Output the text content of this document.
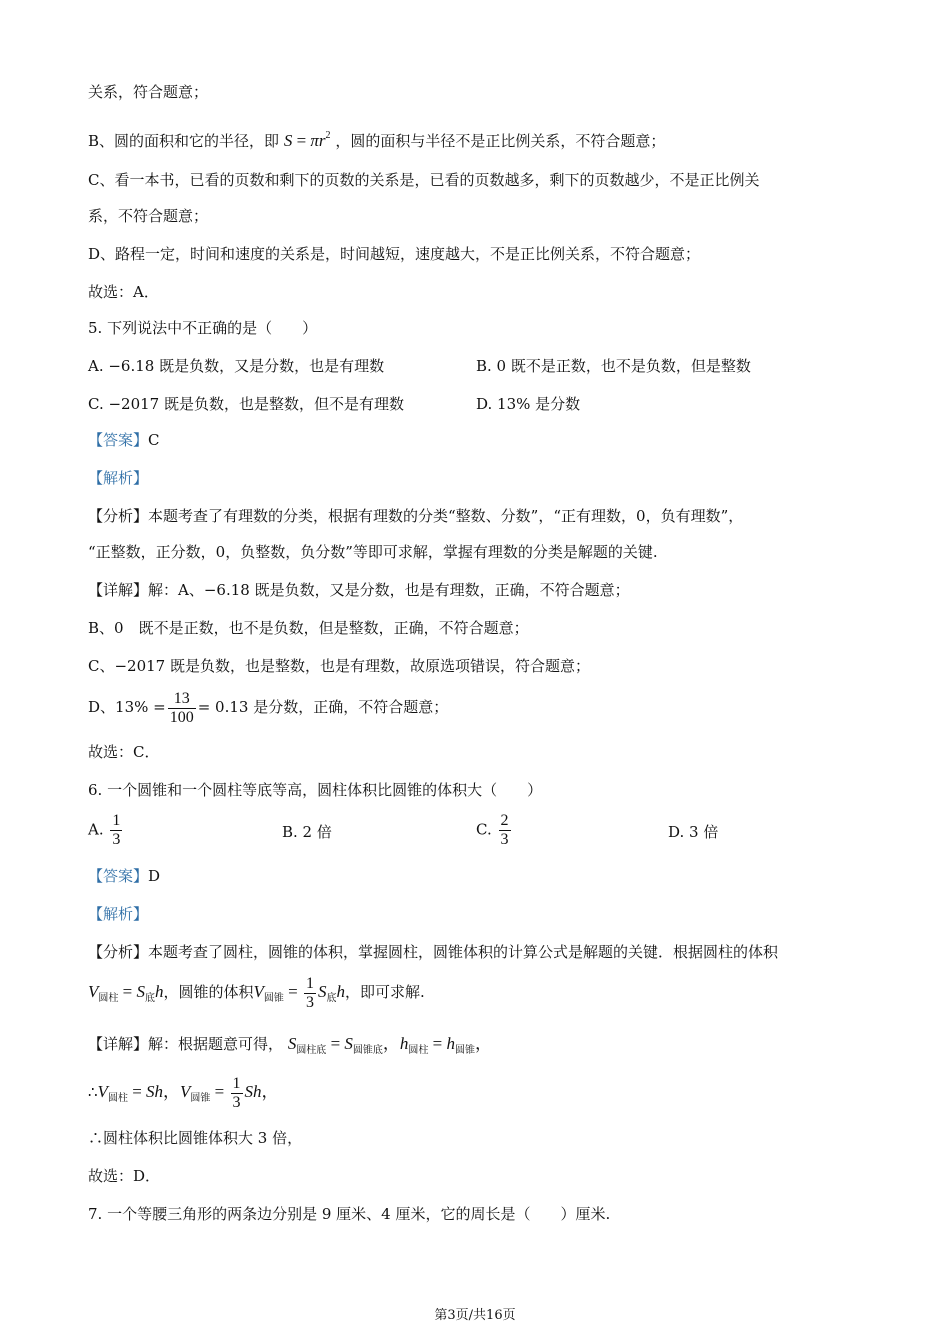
关系，符合题意；
B、圆的面积和它的半径，即 $S = \pi r^2$ ，圆的面积与半径不是正比例关系，不符合题意；
C、看一本书，已看的页数和剩下的页数的关系是，已看的页数越多，剩下的页数越少，不是正比例关
系，不符合题意；
D、路程一定，时间和速度的关系是，时间越短，速度越大，不是正比例关系，不符合题意；
故选：A．
5. 下列说法中不正确的是（　　）
A. −6.18 既是负数，又是分数，也是有理数	B. 0 既不是正数，也不是负数，但是整数
C. −2017 既是负数，也是整数，但不是有理数	D. 13% 是分数
【答案】C
【解析】
【分析】本题考查了有理数的分类，根据有理数的分类“整数、分数”，“正有理数，0，负有理数”，
“正整数，正分数，0，负整数，负分数”等即可求解，掌握有理数的分类是解题的关键.
【详解】解：A、−6.18 既是负数，又是分数，也是有理数，正确，不符合题意；
B、0　既不是正数，也不是负数，但是整数，正确，不符合题意；
C、−2017 既是负数，也是整数，也是有理数，故原选项错误，符合题意；
D、$13\% = \frac{13}{100} = 0.13$ 是分数，正确，不符合题意；
故选：C．
6. 一个圆锥和一个圆柱等底等高，圆柱体积比圆锥的体积大（　　）
A. $\frac{1}{3}$	B. 2 倍	C. $\frac{2}{3}$	D. 3 倍
【答案】D
【解析】
【分析】本题考查了圆柱，圆锥的体积，掌握圆柱，圆锥体积的计算公式是解题的关键．根据圆柱的体积
$V_{圆柱} = S_底h$，圆锥的体积$V_{圆锥} = \frac{1}{3} S_底h$，即可求解.
【详解】解：根据题意可得， $S_{圆柱底} = S_{圆锥底}$，$h_{圆柱} = h_{圆锥}$，
$\therefore V_{圆柱} = Sh$，$V_{圆锥} = \frac{1}{3}$ Sh，
∴圆柱体积比圆锥体积大 3 倍，
故选：D．
7. 一个等腰三角形的两条边分别是 9 厘米、4 厘米，它的周长是（　　）厘米.
第3页/共16页
